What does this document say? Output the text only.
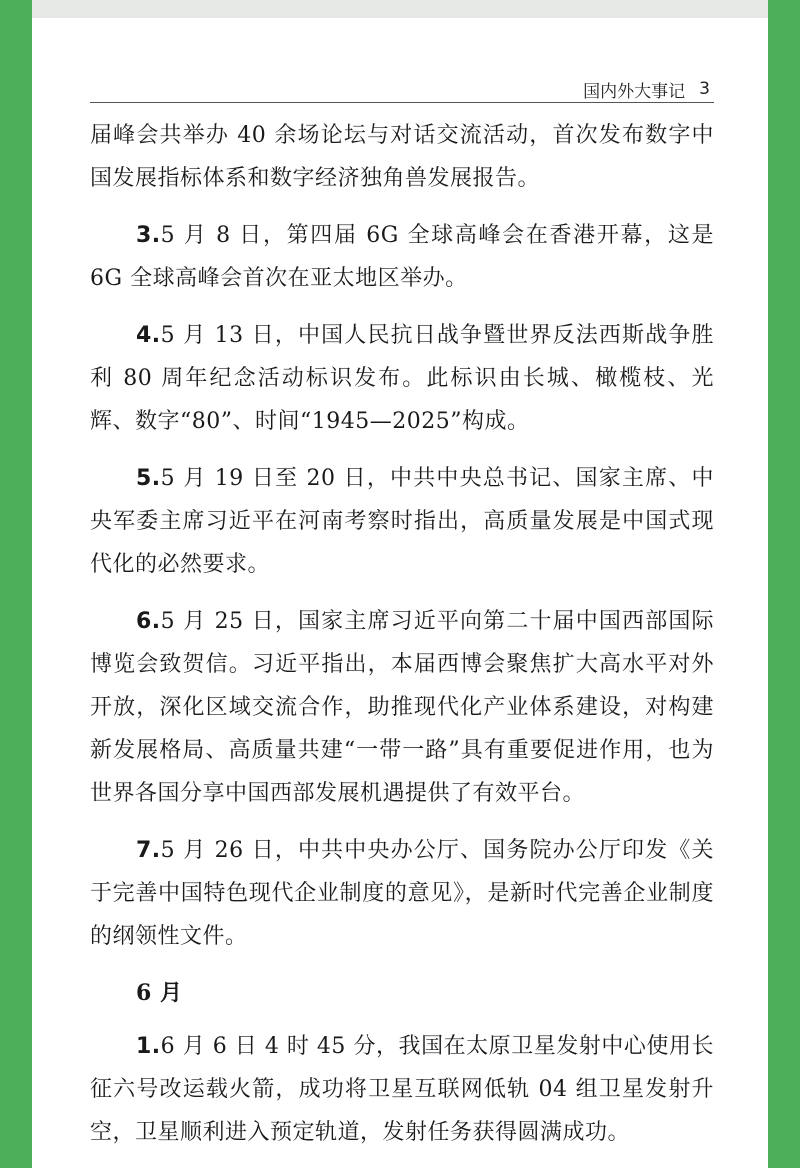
国内外大事记 3

届峰会共举办 40 余场论坛与对话交流活动，首次发布数字中国发展指标体系和数字经济独角兽发展报告。

3.5 月 8 日，第四届 6G 全球高峰会在香港开幕，这是 6G 全球高峰会首次在亚太地区举办。

4.5 月 13 日，中国人民抗日战争暨世界反法西斯战争胜利 80 周年纪念活动标识发布。此标识由长城、橄榄枝、光辉、数字“80”、时间“1945—2025”构成。

5.5 月 19 日至 20 日，中共中央总书记、国家主席、中央军委主席习近平在河南考察时指出，高质量发展是中国式现代化的必然要求。

6.5 月 25 日，国家主席习近平向第二十届中国西部国际博览会致贺信。习近平指出，本届西博会聚焦扩大高水平对外开放，深化区域交流合作，助推现代化产业体系建设，对构建新发展格局、高质量共建“一带一路”具有重要促进作用，也为世界各国分享中国西部发展机遇提供了有效平台。

7.5 月 26 日，中共中央办公厅、国务院办公厅印发《关于完善中国特色现代企业制度的意见》，是新时代完善企业制度的纲领性文件。

6 月

1.6 月 6 日 4 时 45 分，我国在太原卫星发射中心使用长征六号改运载火箭，成功将卫星互联网低轨 04 组卫星发射升空，卫星顺利进入预定轨道，发射任务获得圆满成功。
